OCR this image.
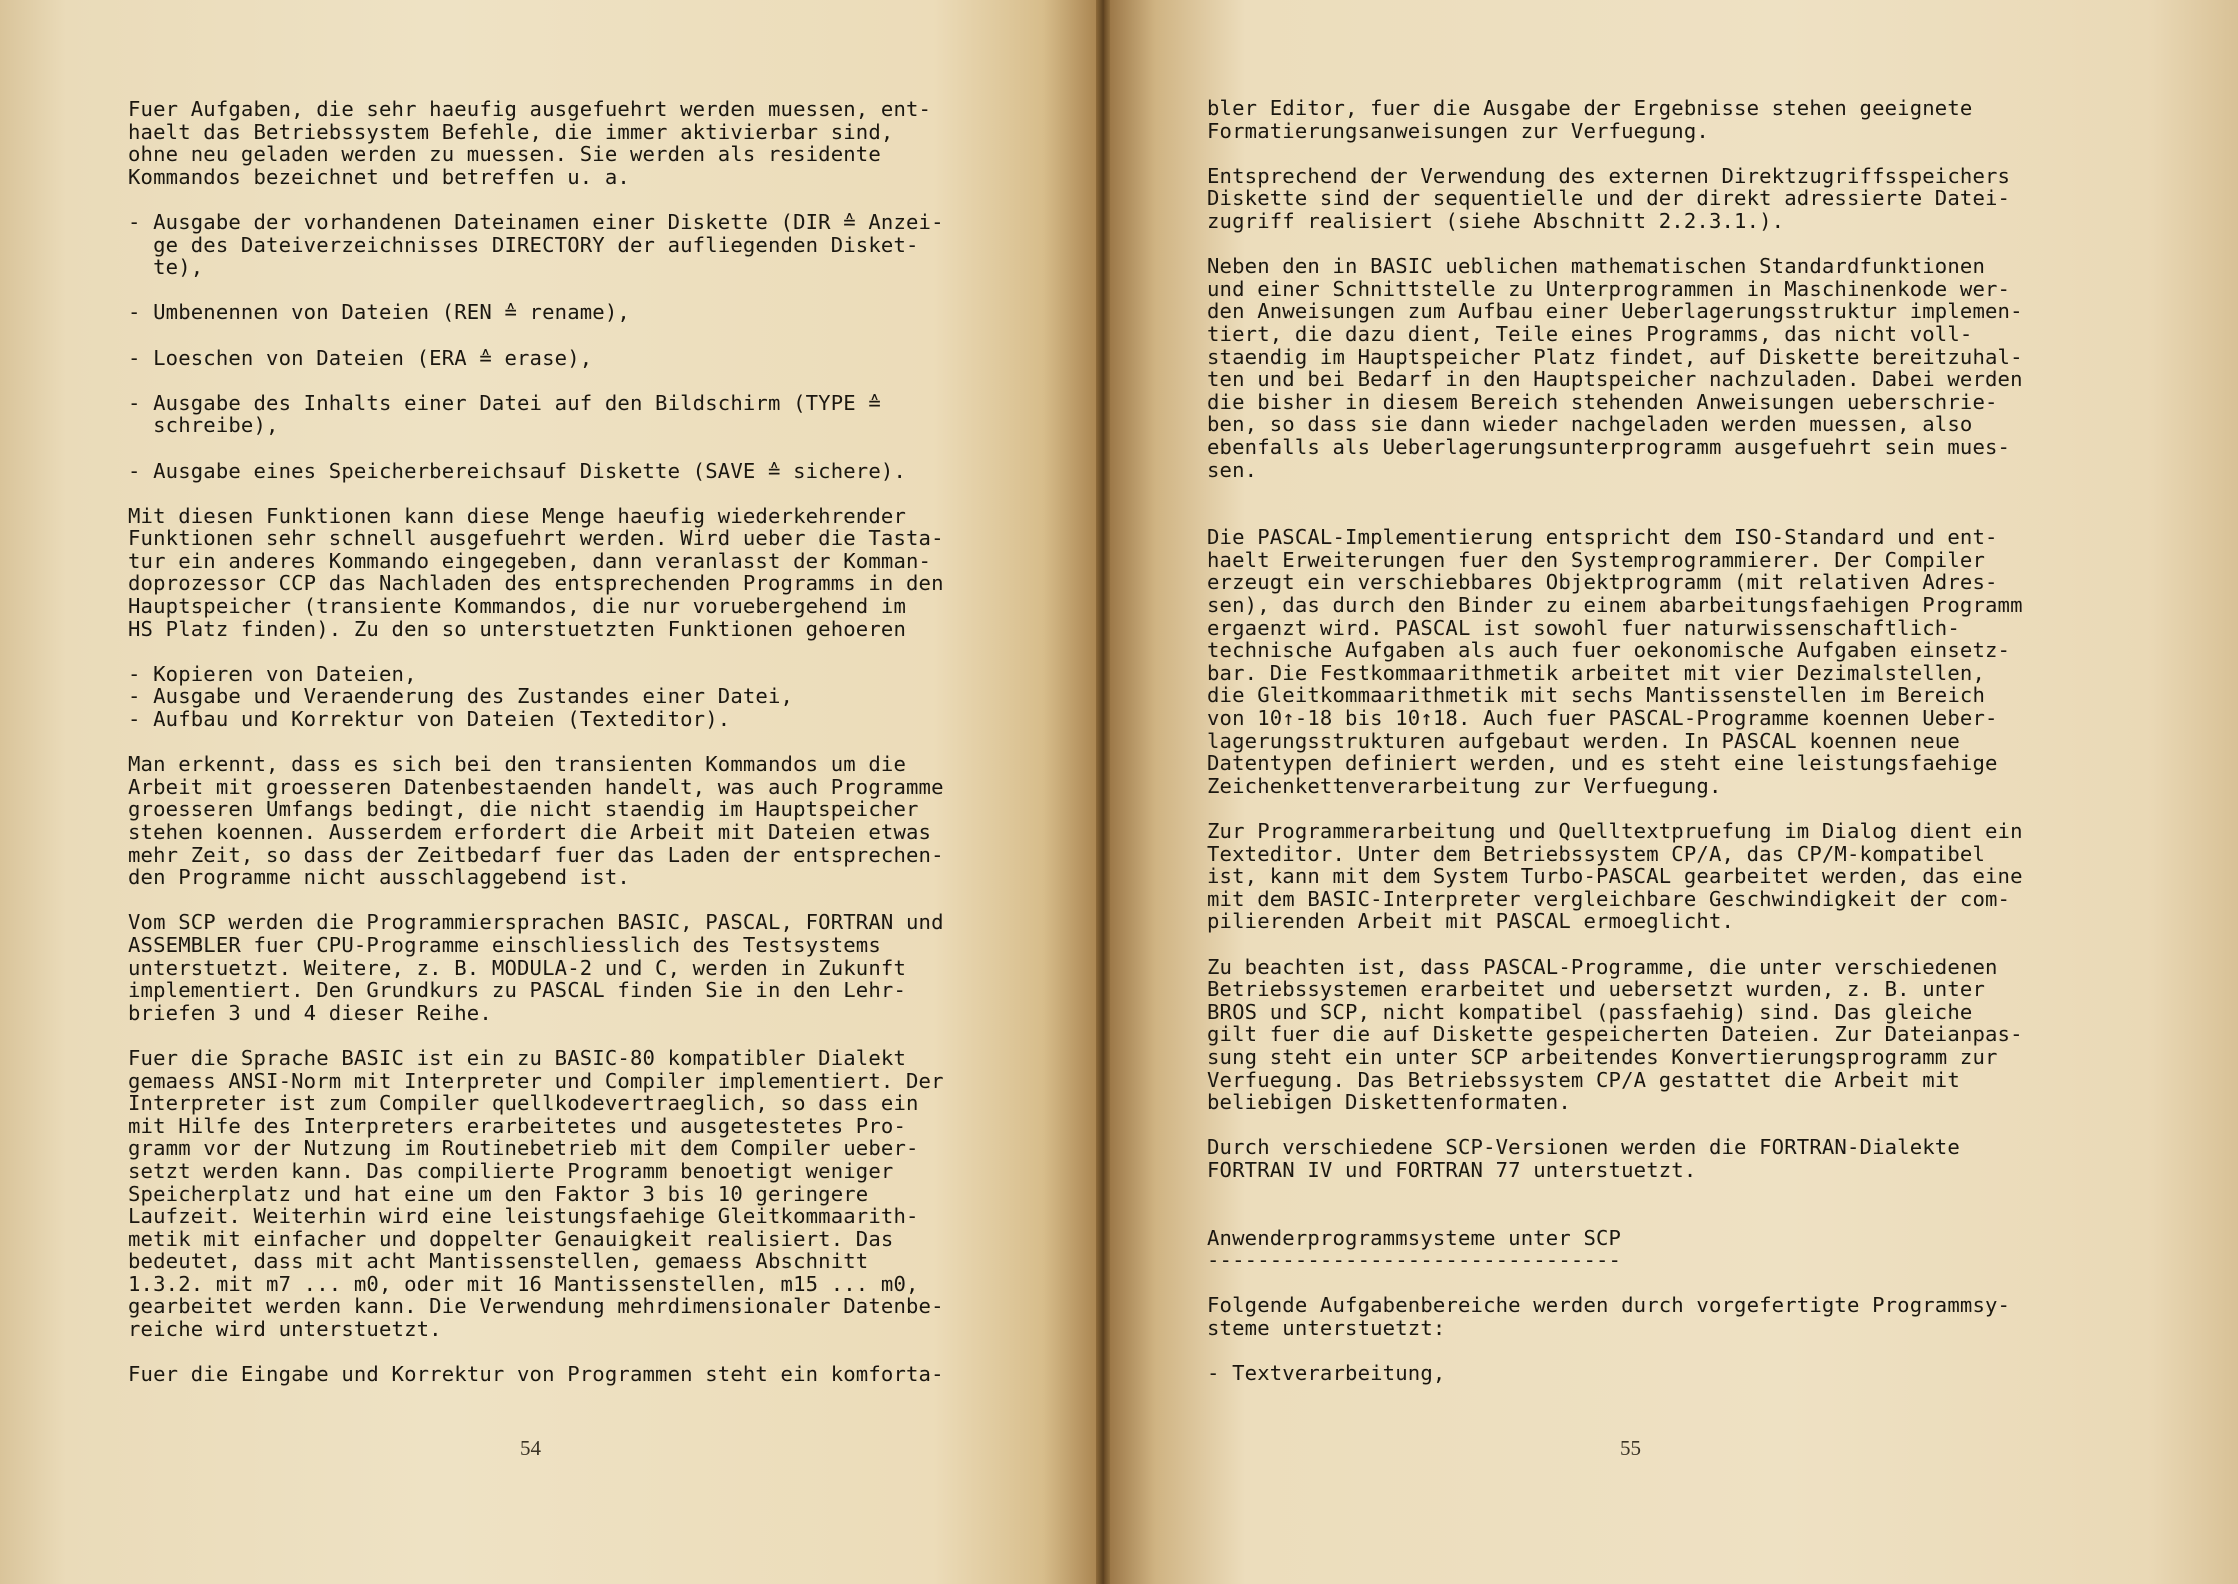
Fuer Aufgaben, die sehr haeufig ausgefuehrt werden muessen, ent-
haelt das Betriebssystem Befehle, die immer aktivierbar sind,
ohne neu geladen werden zu muessen. Sie werden als residente
Kommandos bezeichnet und betreffen u. a.

- Ausgabe der vorhandenen Dateinamen einer Diskette (DIR ≙ Anzei-
ge des Dateiverzeichnisses DIRECTORY der aufliegenden Disket-
te),

- Umbenennen von Dateien (REN ≙ rename),

- Loeschen von Dateien (ERA ≙ erase),

- Ausgabe des Inhalts einer Datei auf den Bildschirm (TYPE ≙
schreibe),

- Ausgabe eines Speicherbereichsauf Diskette (SAVE ≙ sichere).

Mit diesen Funktionen kann diese Menge haeufig wiederkehrender
Funktionen sehr schnell ausgefuehrt werden. Wird ueber die Tasta-
tur ein anderes Kommando eingegeben, dann veranlasst der Komman-
doprozessor CCP das Nachladen des entsprechenden Programms in den
Hauptspeicher (transiente Kommandos, die nur voruebergehend im
HS Platz finden). Zu den so unterstuetzten Funktionen gehoeren

- Kopieren von Dateien,
- Ausgabe und Veraenderung des Zustandes einer Datei,
- Aufbau und Korrektur von Dateien (Texteditor).

Man erkennt, dass es sich bei den transienten Kommandos um die
Arbeit mit groesseren Datenbestaenden handelt, was auch Programme
groesseren Umfangs bedingt, die nicht staendig im Hauptspeicher
stehen koennen. Ausserdem erfordert die Arbeit mit Dateien etwas
mehr Zeit, so dass der Zeitbedarf fuer das Laden der entsprechen-
den Programme nicht ausschlaggebend ist.

Vom SCP werden die Programmiersprachen BASIC, PASCAL, FORTRAN und
ASSEMBLER fuer CPU-Programme einschliesslich des Testsystems
unterstuetzt. Weitere, z. B. MODULA-2 und C, werden in Zukunft
implementiert. Den Grundkurs zu PASCAL finden Sie in den Lehr-
briefen 3 und 4 dieser Reihe.

Fuer die Sprache BASIC ist ein zu BASIC-80 kompatibler Dialekt
gemaess ANSI-Norm mit Interpreter und Compiler implementiert. Der
Interpreter ist zum Compiler quellkodevertraeglich, so dass ein
mit Hilfe des Interpreters erarbeitetes und ausgetestetes Pro-
gramm vor der Nutzung im Routinebetrieb mit dem Compiler ueber-
setzt werden kann. Das compilierte Programm benoetigt weniger
Speicherplatz und hat eine um den Faktor 3 bis 10 geringere
Laufzeit. Weiterhin wird eine leistungsfaehige Gleitkommaarith-
metik mit einfacher und doppelter Genauigkeit realisiert. Das
bedeutet, dass mit acht Mantissenstellen, gemaess Abschnitt
1.3.2. mit m7 ... m0, oder mit 16 Mantissenstellen, m15 ... m0,
gearbeitet werden kann. Die Verwendung mehrdimensionaler Datenbe-
reiche wird unterstuetzt.

Fuer die Eingabe und Korrektur von Programmen steht ein komforta-
54
bler Editor, fuer die Ausgabe der Ergebnisse stehen geeignete
Formatierungsanweisungen zur Verfuegung.

Entsprechend der Verwendung des externen Direktzugriffsspeichers
Diskette sind der sequentielle und der direkt adressierte Datei-
zugriff realisiert (siehe Abschnitt 2.2.3.1.).

Neben den in BASIC ueblichen mathematischen Standardfunktionen
und einer Schnittstelle zu Unterprogrammen in Maschinenkode wer-
den Anweisungen zum Aufbau einer Ueberlagerungsstruktur implemen-
tiert, die dazu dient, Teile eines Programms, das nicht voll-
staendig im Hauptspeicher Platz findet, auf Diskette bereitzuhal-
ten und bei Bedarf in den Hauptspeicher nachzuladen. Dabei werden
die bisher in diesem Bereich stehenden Anweisungen ueberschrie-
ben, so dass sie dann wieder nachgeladen werden muessen, also
ebenfalls als Ueberlagerungsunterprogramm ausgefuehrt sein mues-
sen.

Die PASCAL-Implementierung entspricht dem ISO-Standard und ent-
haelt Erweiterungen fuer den Systemprogrammierer. Der Compiler
erzeugt ein verschiebbares Objektprogramm (mit relativen Adres-
sen), das durch den Binder zu einem abarbeitungsfaehigen Programm
ergaenzt wird. PASCAL ist sowohl fuer naturwissenschaftlich-
technische Aufgaben als auch fuer oekonomische Aufgaben einsetz-
bar. Die Festkommaarithmetik arbeitet mit vier Dezimalstellen,
die Gleitkommaarithmetik mit sechs Mantissenstellen im Bereich
von 10↑-18 bis 10↑18. Auch fuer PASCAL-Programme koennen Ueber-
lagerungsstrukturen aufgebaut werden. In PASCAL koennen neue
Datentypen definiert werden, und es steht eine leistungsfaehige
Zeichenkettenverarbeitung zur Verfuegung.

Zur Programmerarbeitung und Quelltextpruefung im Dialog dient ein
Texteditor. Unter dem Betriebssystem CP/A, das CP/M-kompatibel
ist, kann mit dem System Turbo-PASCAL gearbeitet werden, das eine
mit dem BASIC-Interpreter vergleichbare Geschwindigkeit der com-
pilierenden Arbeit mit PASCAL ermoeglicht.

Zu beachten ist, dass PASCAL-Programme, die unter verschiedenen
Betriebssystemen erarbeitet und uebersetzt wurden, z. B. unter
BROS und SCP, nicht kompatibel (passfaehig) sind. Das gleiche
gilt fuer die auf Diskette gespeicherten Dateien. Zur Dateianpas-
sung steht ein unter SCP arbeitendes Konvertierungsprogramm zur
Verfuegung. Das Betriebssystem CP/A gestattet die Arbeit mit
beliebigen Diskettenformaten.

Durch verschiedene SCP-Versionen werden die FORTRAN-Dialekte
FORTRAN IV und FORTRAN 77 unterstuetzt.

Anwenderprogrammsysteme unter SCP
---------------------------------

Folgende Aufgabenbereiche werden durch vorgefertigte Programmsy-
steme unterstuetzt:

- Textverarbeitung,
55
